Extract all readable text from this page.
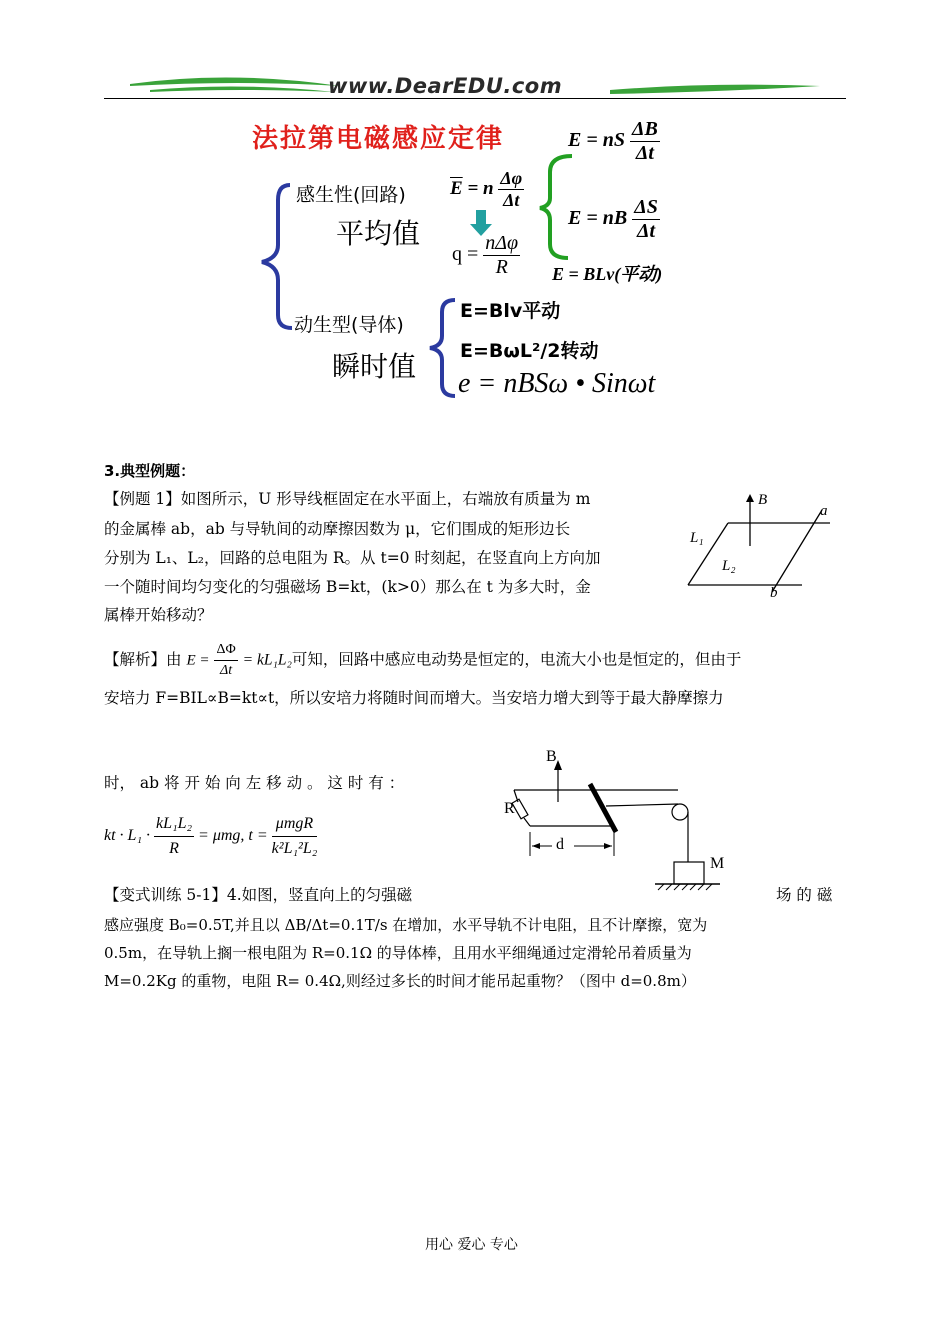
www.DearEDU.com
法拉第电磁感应定律
感生性(回路)
平均值
动生型(导体)
瞬时值
$\overline{E} = n \frac{\Delta\varphi}{\Delta t}$
E = nS $\frac{\Delta B}{\Delta t}$
E = nB $\frac{\Delta S}{\Delta t}$
$q = \frac{\text{nΔφ}}{R}$ E = BLv(平动)
E=Blv平动
E=BωL²/2转动
e = nBSω • Sinωt
3.典型例题：
【例题 1】如图所示，U 形导线框固定在水平面上，右端放有质量为 m
的金属棒 ab，ab 与导轨间的动摩擦因数为 μ，它们围成的矩形边长
分别为 L₁、L₂，回路的总电阻为 R。从 t=0 时刻起，在竖直向上方向加
一个随时间均匀变化的匀强磁场 B=kt，(k>0）那么在 t 为多大时，金
属棒开始移动？
B
a
b
L₁
L₂
【解析】由 $E = \frac{\Delta\Phi}{\Delta t} = kL_1L_2$可知，回路中感应电动势是恒定的，电流大小也是恒定的，但由于
安培力 F=BIL∝B=kt∝t，所以安培力将随时间而增大。当安培力增大到等于最大静摩擦力
时， ab 将 开 始 向 左 移 动 。 这 时 有 ：
kt · $L_1 \cdot \frac{\text{kL₁L₂}}{R} = \mu mg$, $t = \frac{\text{μmgR}}{\text{k²L₁²L₂}}$
B
R
d
M
【变式训练 5-1】4.如图，竖直向上的匀强磁	场 的 磁
感应强度 B₀=0.5T,并且以 ΔB/Δt=0.1T/s 在增加，水平导轨不计电阻，且不计摩擦，宽为
0.5m，在导轨上搁一根电阻为 R=0.1Ω 的导体棒，且用水平细绳通过定滑轮吊着质量为
M=0.2Kg 的重物，电阻 R= 0.4Ω,则经过多长的时间才能吊起重物？（图中 d=0.8m）
用心 爱心 专心
